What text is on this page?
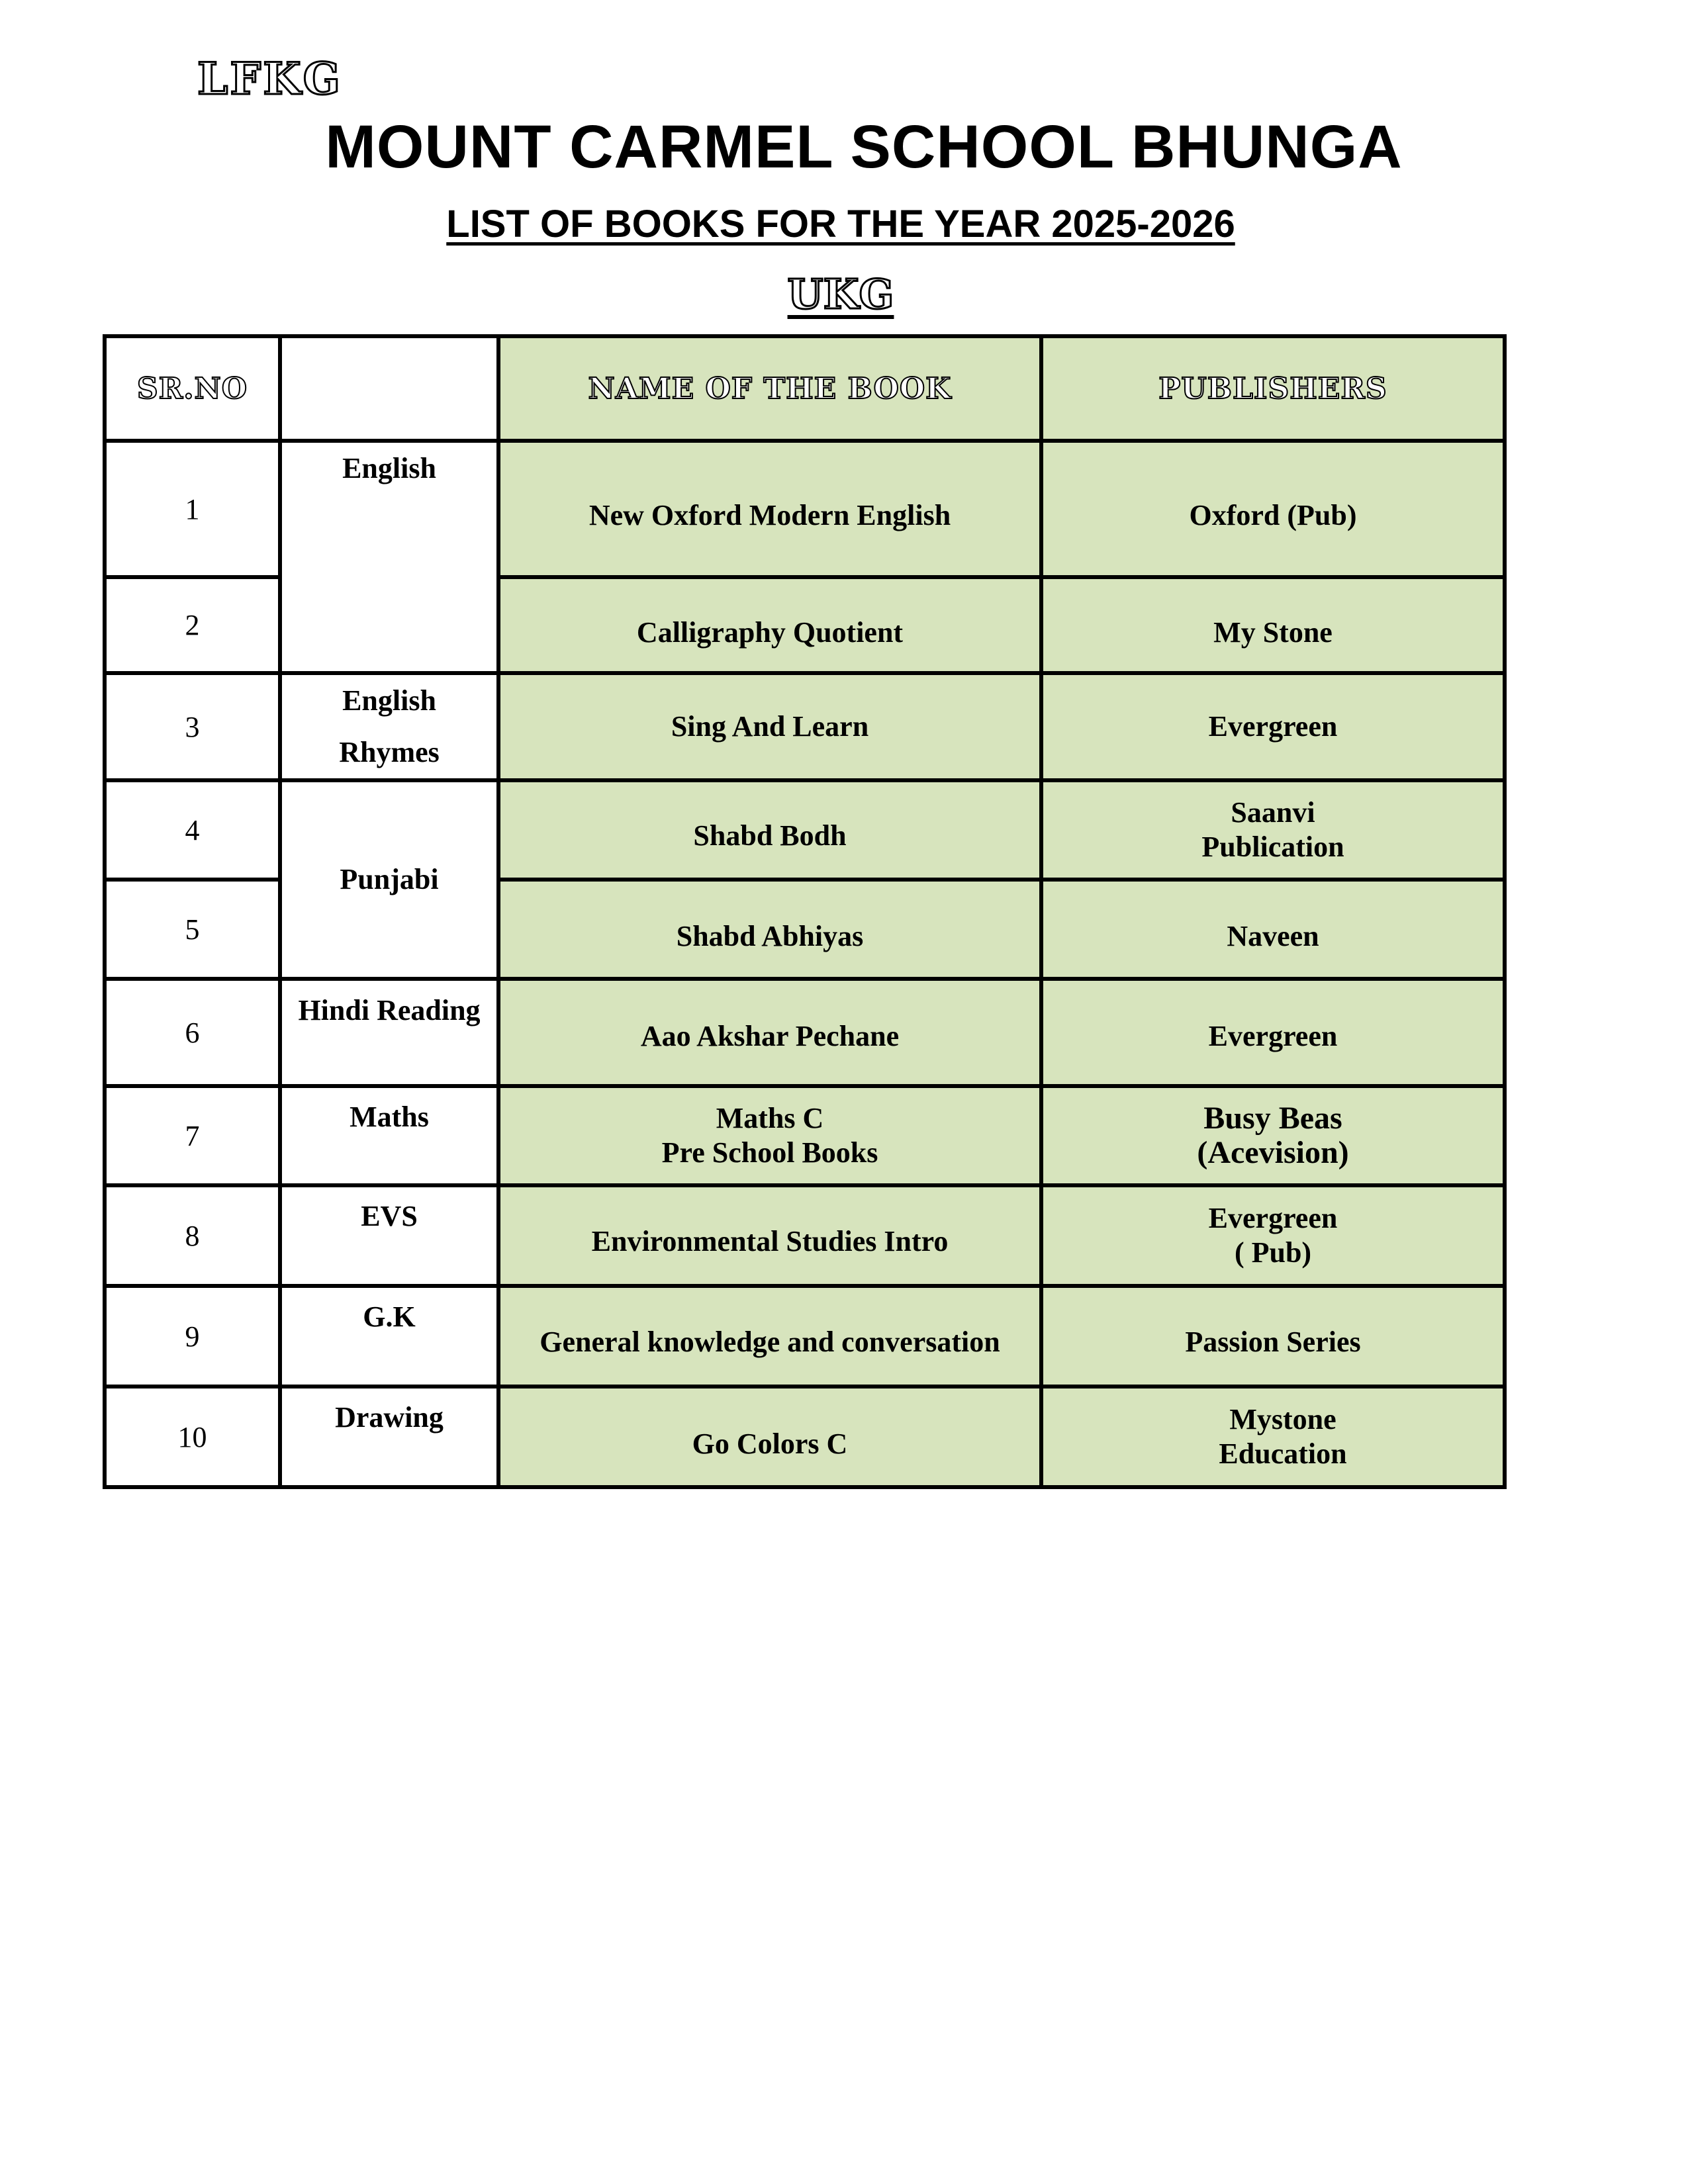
LFKG
MOUNT CARMEL SCHOOL BHUNGA
LIST OF BOOKS FOR THE YEAR 2025-2026
UKG
SR.NO		NAME OF THE BOOK	PUBLISHERS
1	English	New Oxford Modern English	Oxford (Pub)

2		Calligraphy Quotient	My Stone

3	English Rhymes	Sing And Learn	Evergreen

4	Punjabi	Shabd Bodh	Saanvi
Publication

5		Shabd Abhiyas	Naveen

6	Hindi Reading	Aao Akshar Pechane	Evergreen

7	Maths	Maths C
Pre School Books	Busy Beas
(Acevision)

8	EVS	Environmental Studies Intro	Evergreen
( Pub)

9	G.K	General knowledge and conversation	Passion Series

10	Drawing	Go Colors C	Mystone
Education
